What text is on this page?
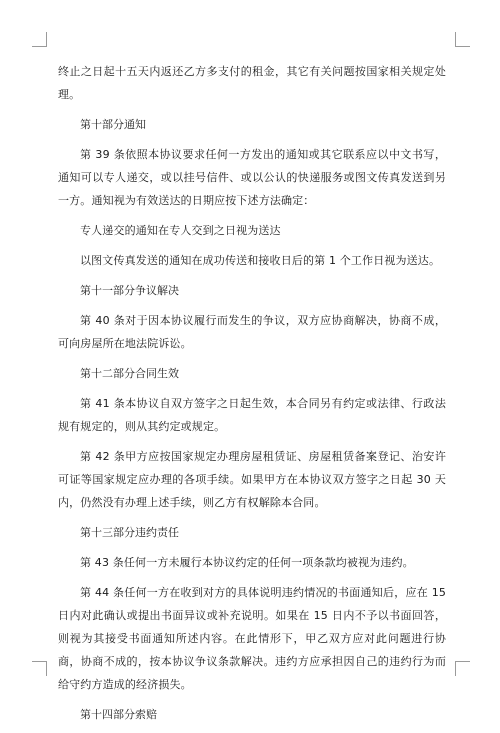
终止之日起十五天内返还乙方多支付的租金，其它有关问题按国家相关规定处理。

第十部分通知

第 39 条依照本协议要求任何一方发出的通知或其它联系应以中文书写，通知可以专人递交，或以挂号信件、或以公认的快递服务或图文传真发送到另一方。通知视为有效送达的日期应按下述方法确定：

专人递交的通知在专人交到之日视为送达

以图文传真发送的通知在成功传送和接收日后的第 1 个工作日视为送达。

第十一部分争议解决

第 40 条对于因本协议履行而发生的争议，双方应协商解决，协商不成，可向房屋所在地法院诉讼。

第十二部分合同生效

第 41 条本协议自双方签字之日起生效，本合同另有约定或法律、行政法规有规定的，则从其约定或规定。

第 42 条甲方应按国家规定办理房屋租赁证、房屋租赁备案登记、治安许可证等国家规定应办理的各项手续。如果甲方在本协议双方签字之日起 30 天内，仍然没有办理上述手续，则乙方有权解除本合同。

第十三部分违约责任

第 43 条任何一方未履行本协议约定的任何一项条款均被视为违约。

第 44 条任何一方在收到对方的具体说明违约情况的书面通知后，应在 15 日内对此确认或提出书面异议或补充说明。如果在 15 日内不予以书面回答，则视为其接受书面通知所述内容。在此情形下，甲乙双方应对此问题进行协商，协商不成的，按本协议争议条款解决。违约方应承担因自己的违约行为而给守约方造成的经济损失。

第十四部分索赔
